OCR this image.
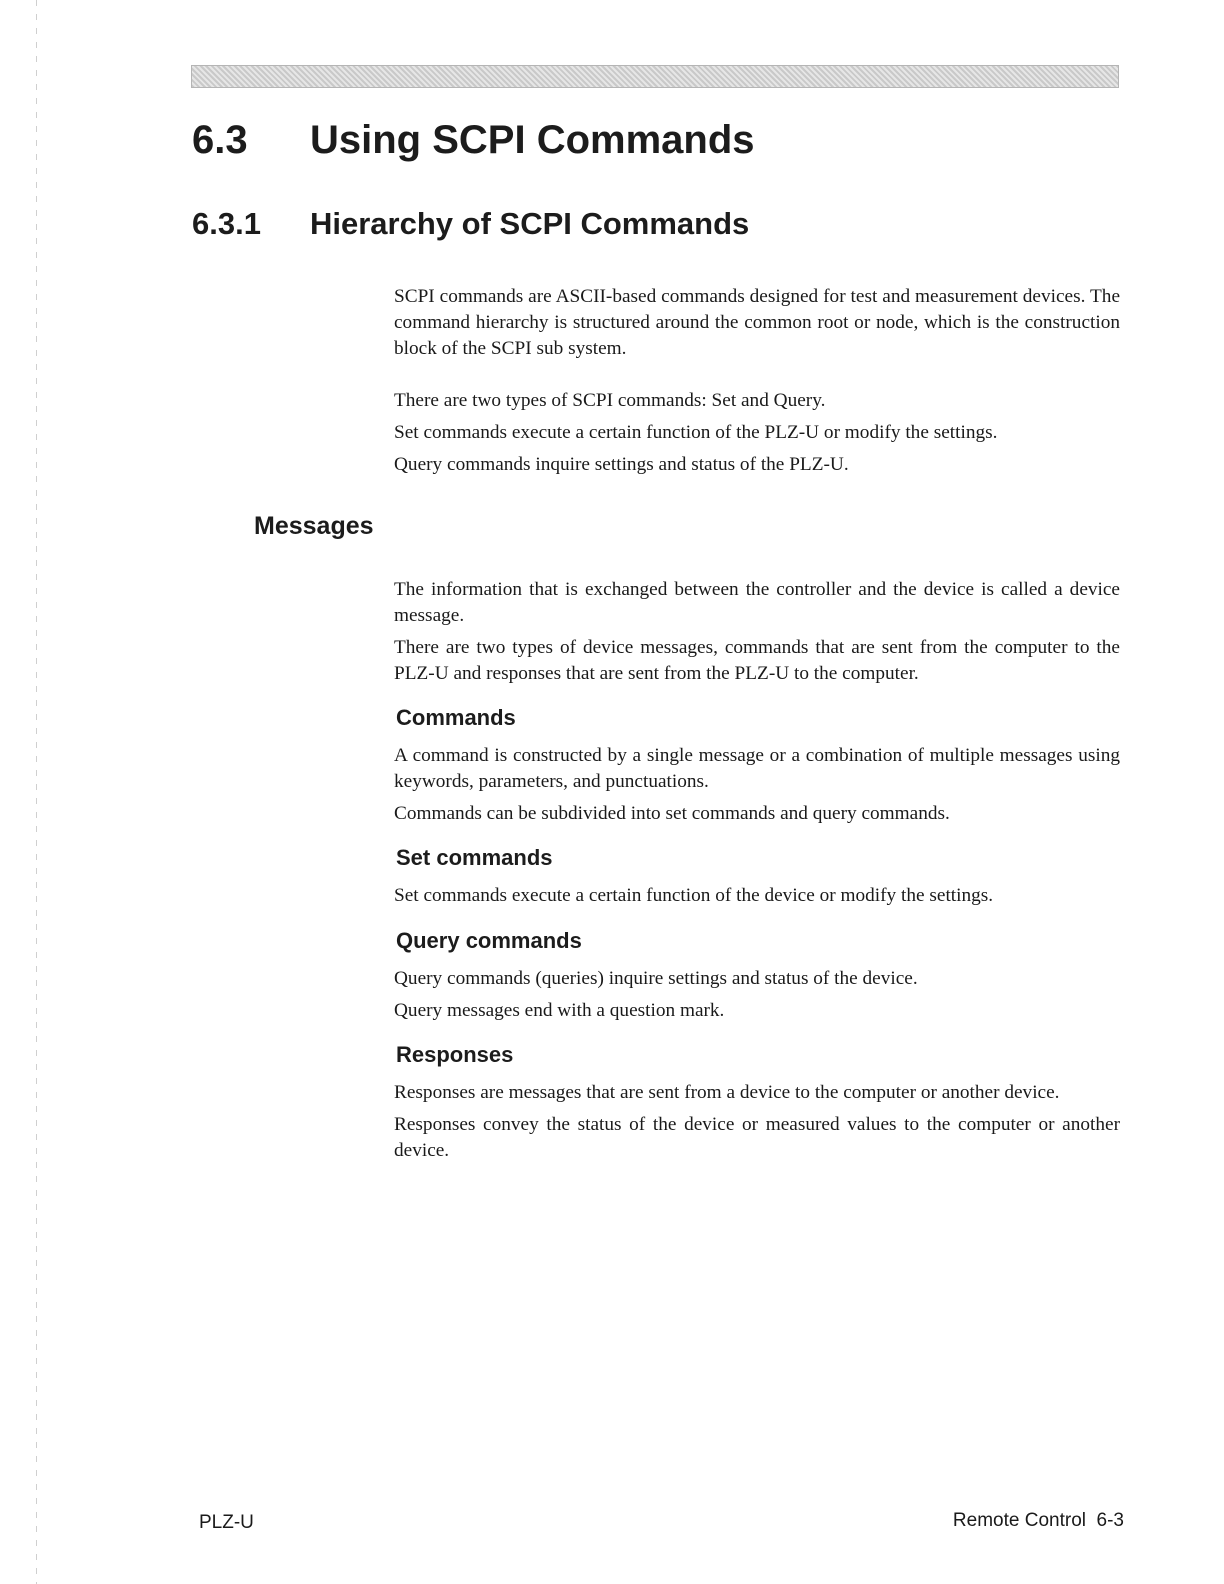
6.3 Using SCPI Commands
6.3.1 Hierarchy of SCPI Commands

SCPI commands are ASCII-based commands designed for test and measurement devices. The command hierarchy is structured around the common root or node, which is the construction block of the SCPI sub system.

There are two types of SCPI commands: Set and Query.

Set commands execute a certain function of the PLZ-U or modify the settings.

Query commands inquire settings and status of the PLZ-U.

Messages

The information that is exchanged between the controller and the device is called a device message.

There are two types of device messages, commands that are sent from the computer to the PLZ-U and responses that are sent from the PLZ-U to the computer.

Commands

A command is constructed by a single message or a combination of multiple messages using keywords, parameters, and punctuations.

Commands can be subdivided into set commands and query commands.

Set commands

Set commands execute a certain function of the device or modify the settings.

Query commands

Query commands (queries) inquire settings and status of the device.

Query messages end with a question mark.

Responses

Responses are messages that are sent from a device to the computer or another device.

Responses convey the status of the device or measured values to the computer or another device.

PLZ-U	Remote Control  6-3
